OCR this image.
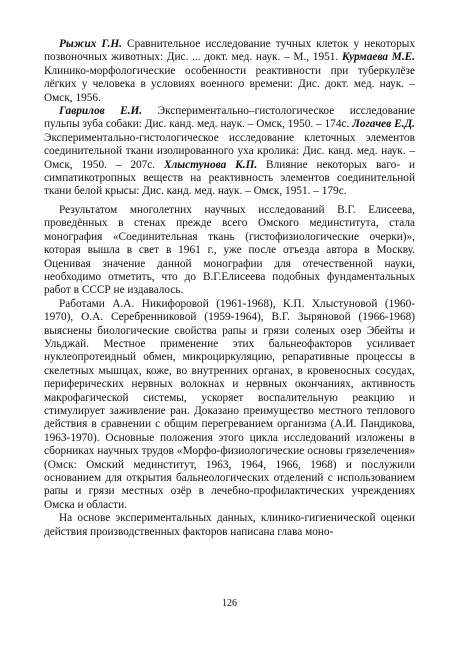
Рыжих Г.Н. Сравнительное исследование тучных клеток у некоторых позвоночных животных: Дис. ... докт. мед. наук. – М., 1951. Курмаева М.Е. Клинико-морфологические особенности реактивности при туберкулёзе лёгких у человека в условиях военного времени: Дис. докт. мед. наук. – Омск, 1956.

Гаврилов Е.И. Экспериментально–гистологическое исследование пульпы зуба собаки: Дис. канд. мед. наук. – Омск, 1950. – 174с. Логачев Е.Д. Экспериментально-гистологическое исследование клеточных элементов соединительной ткани изолированного уха кролика: Дис. канд. мед. наук. – Омск, 1950. – 207с. Хлыстунова К.П. Влияние некоторых ваго- и симпатикотропных веществ на реактивность элементов соединительной ткани белой крысы: Дис. канд. мед. наук. – Омск, 1951. – 179с.

Результатом многолетних научных исследований В.Г. Елисеева, проведённых в стенах прежде всего Омского мединститута, стала монография «Соединительная ткань (гистофизиологические очерки)», которая вышла в свет в 1961 г., уже после отъезда автора в Москву. Оценивая значение данной монографии для отечественной науки, необходимо отметить, что до В.Г.Елисеева подобных фундаментальных работ в СССР не издавалось.

Работами А.А. Никифоровой (1961-1968), К.П. Хлыстуновой (1960-1970), О.А. Серебренниковой (1959-1964), В.Г. Зыряновой (1966-1968) выяснены биологические свойства рапы и грязи соленых озер Эбейты и Ульджай. Местное применение этих бальнеофакторов усиливает нуклеопротеидный обмен, микроциркуляцию, репаративные процессы в скелетных мышцах, коже, во внутренних органах, в кровеносных сосудах, периферических нервных волокнах и нервных окончаниях, активность макрофагической системы, ускоряет воспалительную реакцию и стимулирует заживление ран. Доказано преимущество местного теплового действия в сравнении с общим перегреванием организма (А.И. Пандикова, 1963-1970). Основные положения этого цикла исследований изложены в сборниках научных трудов «Морфо-физиологические основы грязелечения» (Омск: Омский мединститут, 1963, 1964, 1966, 1968) и послужили основанием для открытия бальнеологических отделений с использованием рапы и грязи местных озёр в лечебно-профилактических учреждениях Омска и области.

На основе экспериментальных данных, клинико-гигиенической оценки действия производственных факторов написана глава моно-

126
